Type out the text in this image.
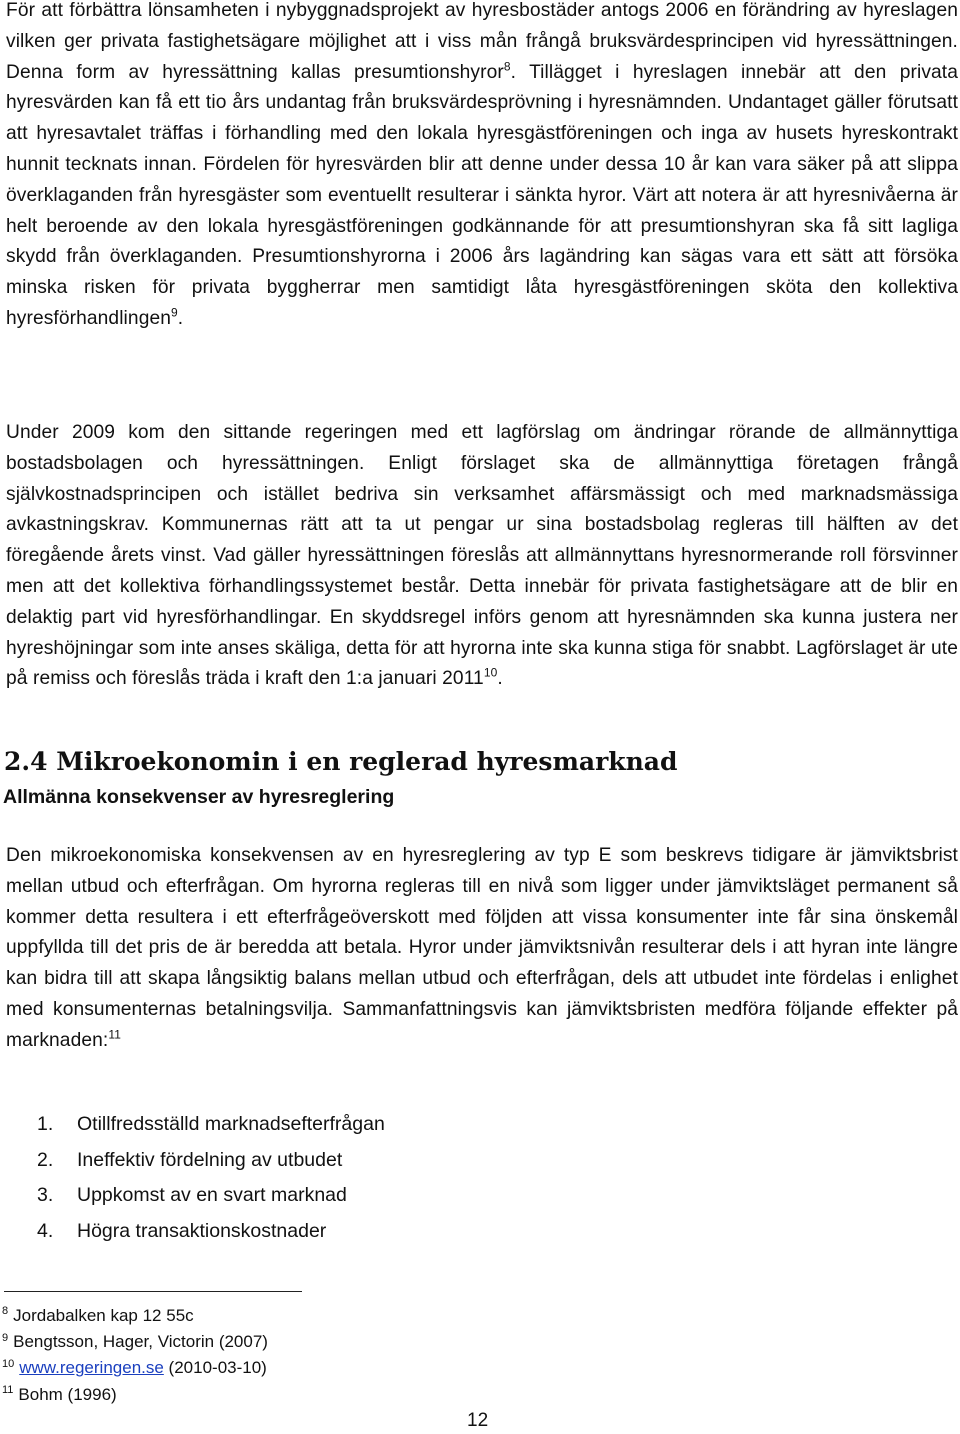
För att förbättra lönsamheten i nybyggnadsprojekt av hyresbostäder antogs 2006 en förändring av hyreslagen vilken ger privata fastighetsägare möjlighet att i viss mån frångå bruksvärdesprincipen vid hyressättningen. Denna form av hyressättning kallas presumtionshyror$^8$. Tillägget i hyreslagen innebär att den privata hyresvärden kan få ett tio års undantag från bruksvärdesprövning i hyresnämnden. Undantaget gäller förutsatt att hyresavtalet träffas i förhandling med den lokala hyresgästföreningen och inga av husets hyreskontrakt hunnit tecknats innan. Fördelen för hyresvärden blir att denne under dessa 10 år kan vara säker på att slippa överklaganden från hyresgäster som eventuellt resulterar i sänkta hyror. Värt att notera är att hyresnivåerna är helt beroende av den lokala hyresgästföreningen godkännande för att presumtionshyran ska få sitt lagliga skydd från överklaganden. Presumtionshyrorna i 2006 års lagändring kan sägas vara ett sätt att försöka minska risken för privata byggherrar men samtidigt låta hyresgästföreningen sköta den kollektiva hyresförhandlingen$^9$.

Under 2009 kom den sittande regeringen med ett lagförslag om ändringar rörande de allmännyttiga bostadsbolagen och hyressättningen. Enligt förslaget ska de allmännyttiga företagen frångå självkostnadsprincipen och istället bedriva sin verksamhet affärsmässigt och med marknadsmässiga avkastningskrav. Kommunernas rätt att ta ut pengar ur sina bostadsbolag regleras till hälften av det föregående årets vinst. Vad gäller hyressättningen föreslås att allmännyttans hyresnormerande roll försvinner men att det kollektiva förhandlingssystemet består. Detta innebär för privata fastighetsägare att de blir en delaktig part vid hyresförhandlingar. En skyddsregel införs genom att hyresnämnden ska kunna justera ner hyreshöjningar som inte anses skäliga, detta för att hyrorna inte ska kunna stiga för snabbt. Lagförslaget är ute på remiss och föreslås träda i kraft den 1:a januari 2011$^{10}$.

2.4 Mikroekonomin i en reglerad hyresmarknad
Allmänna konsekvenser av hyresreglering

Den mikroekonomiska konsekvensen av en hyresreglering av typ E som beskrevs tidigare är jämviktsbrist mellan utbud och efterfrågan. Om hyrorna regleras till en nivå som ligger under jämviktsläget permanent så kommer detta resultera i ett efterfrågeöverskott med följden att vissa konsumenter inte får sina önskemål uppfyllda till det pris de är beredda att betala. Hyror under jämviktsnivån resulterar dels i att hyran inte längre kan bidra till att skapa långsiktig balans mellan utbud och efterfrågan, dels att utbudet inte fördelas i enlighet med konsumenternas betalningsvilja. Sammanfattningsvis kan jämviktsbristen medföra följande effekter på marknaden:$^{11}$

1. Otillfredsställd marknadsefterfrågan
2. Ineffektiv fördelning av utbudet
3. Uppkomst av en svart marknad
4. Högra transaktionskostnader
$^8$ Jordabalken kap 12 55c
$^9$ Bengtsson, Hager, Victorin (2007)
$^{10}$ www.regeringen.se (2010-03-10)
$^{11}$ Bohm (1996)
12
